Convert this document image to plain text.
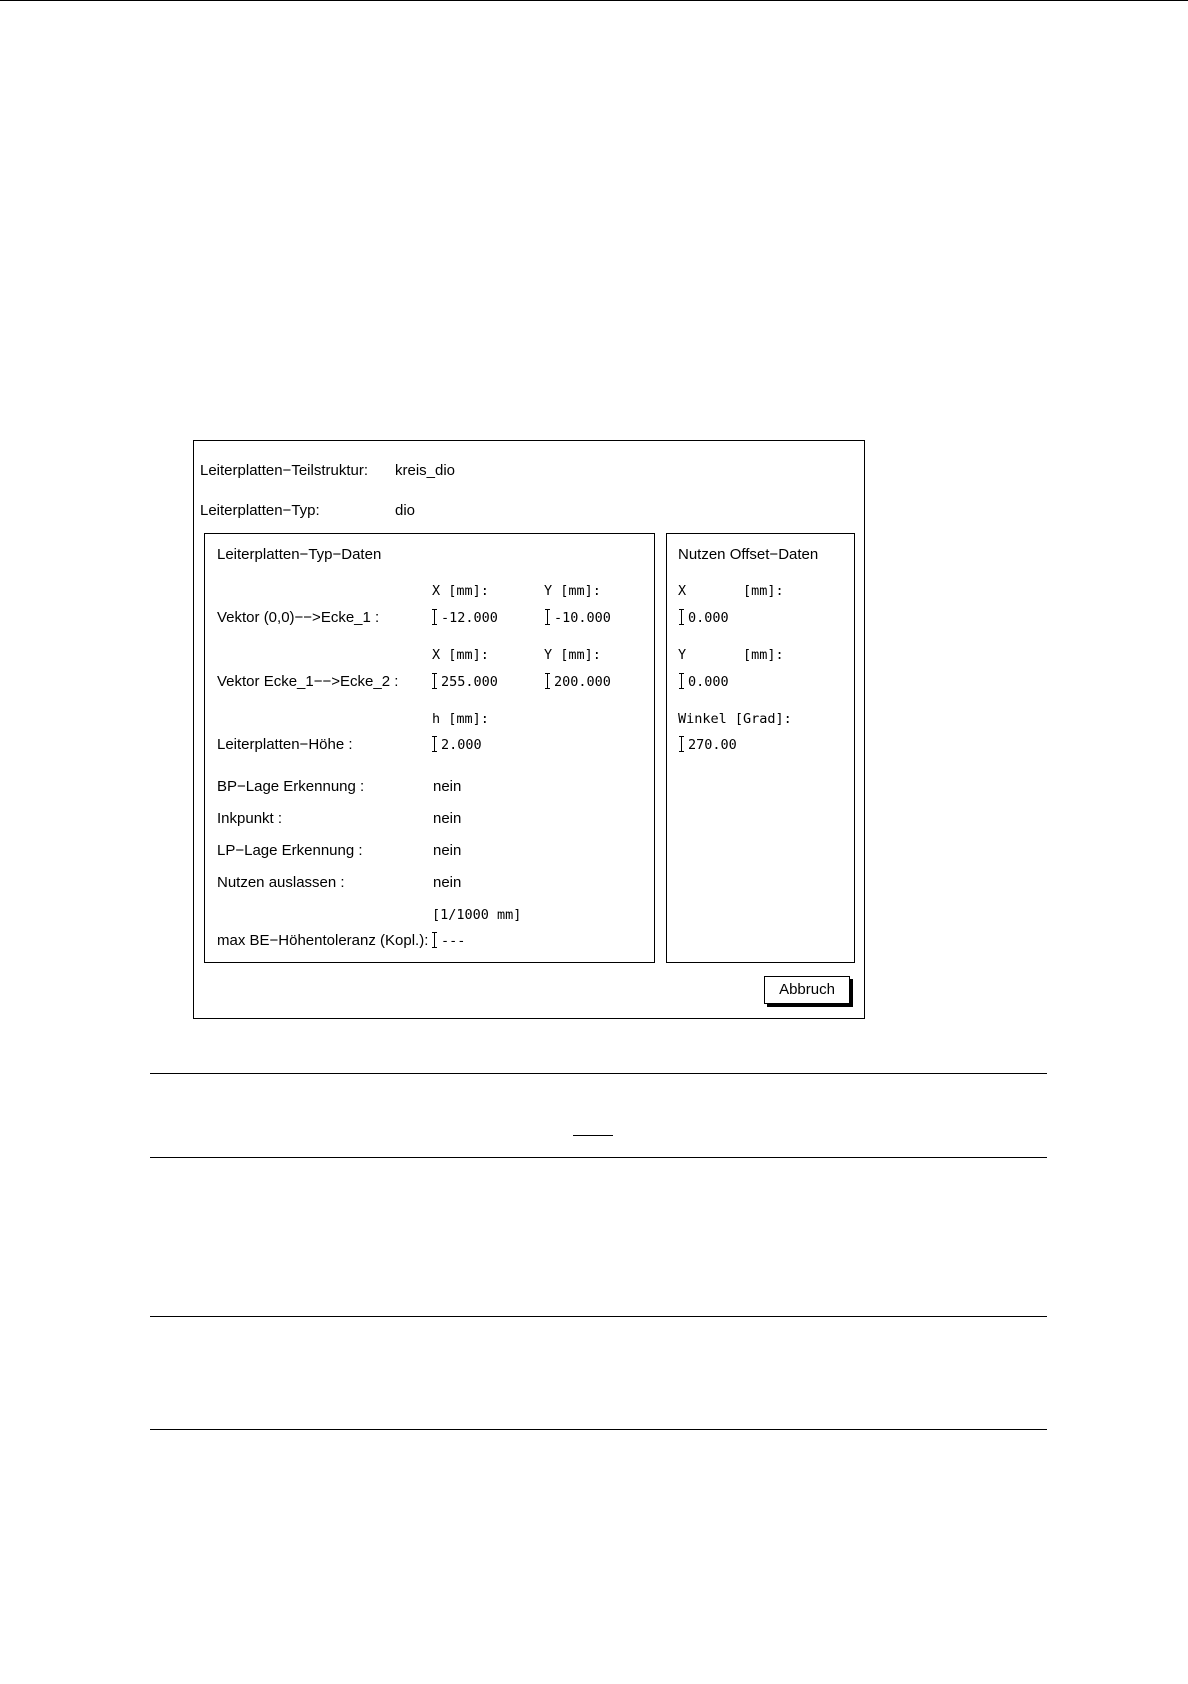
Leiterplatten−Teilstruktur: kreis_dio
Leiterplatten−Typ:	dio
Leiterplatten−Typ−Daten
X [mm]:	Y [mm]:
Vektor (0,0)−−>Ecke_1 :	-12.000	-10.000
X [mm]:	Y [mm]:
Vektor Ecke_1−−>Ecke_2 :	255.000	200.000
h [mm]:
Leiterplatten−Höhe :	2.000
BP−Lage Erkennung :	nein
Inkpunkt :	nein
LP−Lage Erkennung :	nein
Nutzen auslassen :	nein
[1/1000 mm]
max BE−Höhentoleranz (Kopl.): ---
Nutzen Offset−Daten
X       [mm]:
0.000
Y       [mm]:
0.000
Winkel [Grad]:
270.00
Abbruch
